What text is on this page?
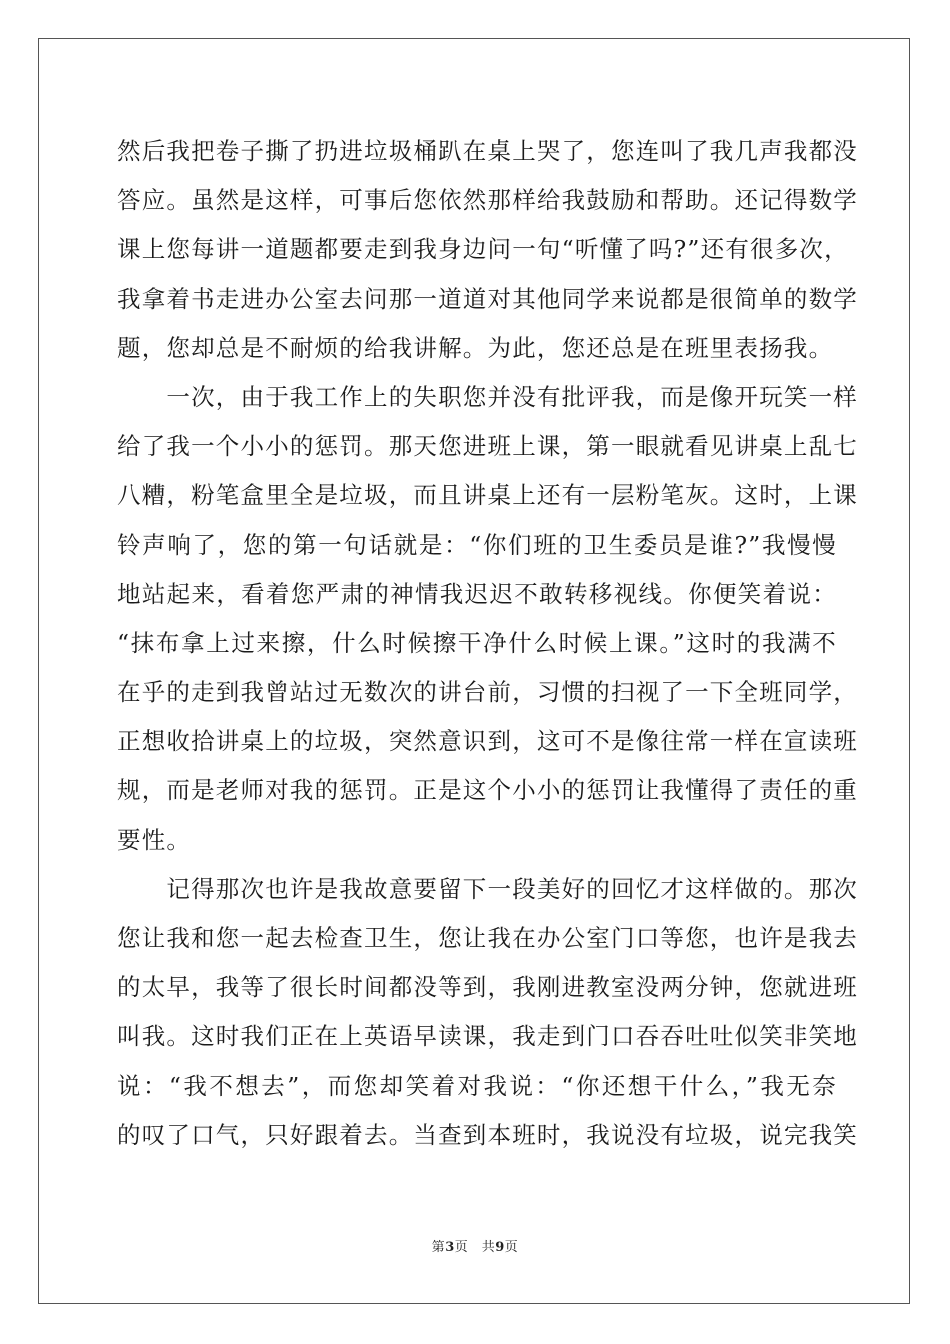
然后我把卷子撕了扔进垃圾桶趴在桌上哭了，您连叫了我几声我都没
答应。虽然是这样，可事后您依然那样给我鼓励和帮助。还记得数学
课上您每讲一道题都要走到我身边问一句“听懂了吗?”还有很多次，
我拿着书走进办公室去问那一道道对其他同学来说都是很简单的数学
题，您却总是不耐烦的给我讲解。为此，您还总是在班里表扬我。
　　一次，由于我工作上的失职您并没有批评我，而是像开玩笑一样
给了我一个小小的惩罚。那天您进班上课，第一眼就看见讲桌上乱七
八糟，粉笔盒里全是垃圾，而且讲桌上还有一层粉笔灰。这时，上课
铃声响了，您的第一句话就是：“你们班的卫生委员是谁?”我慢慢
地站起来，看着您严肃的神情我迟迟不敢转移视线。你便笑着说：
“抹布拿上过来擦，什么时候擦干净什么时候上课。”这时的我满不
在乎的走到我曾站过无数次的讲台前，习惯的扫视了一下全班同学，
正想收拾讲桌上的垃圾，突然意识到，这可不是像往常一样在宣读班
规，而是老师对我的惩罚。正是这个小小的惩罚让我懂得了责任的重
要性。
　　记得那次也许是我故意要留下一段美好的回忆才这样做的。那次
您让我和您一起去检查卫生，您让我在办公室门口等您，也许是我去
的太早，我等了很长时间都没等到，我刚进教室没两分钟，您就进班
叫我。这时我们正在上英语早读课，我走到门口吞吞吐吐似笑非笑地
说：“我不想去”，而您却笑着对我说：“你还想干什么，”我无奈
的叹了口气，只好跟着去。当查到本班时，我说没有垃圾，说完我笑
第3页　共9页
